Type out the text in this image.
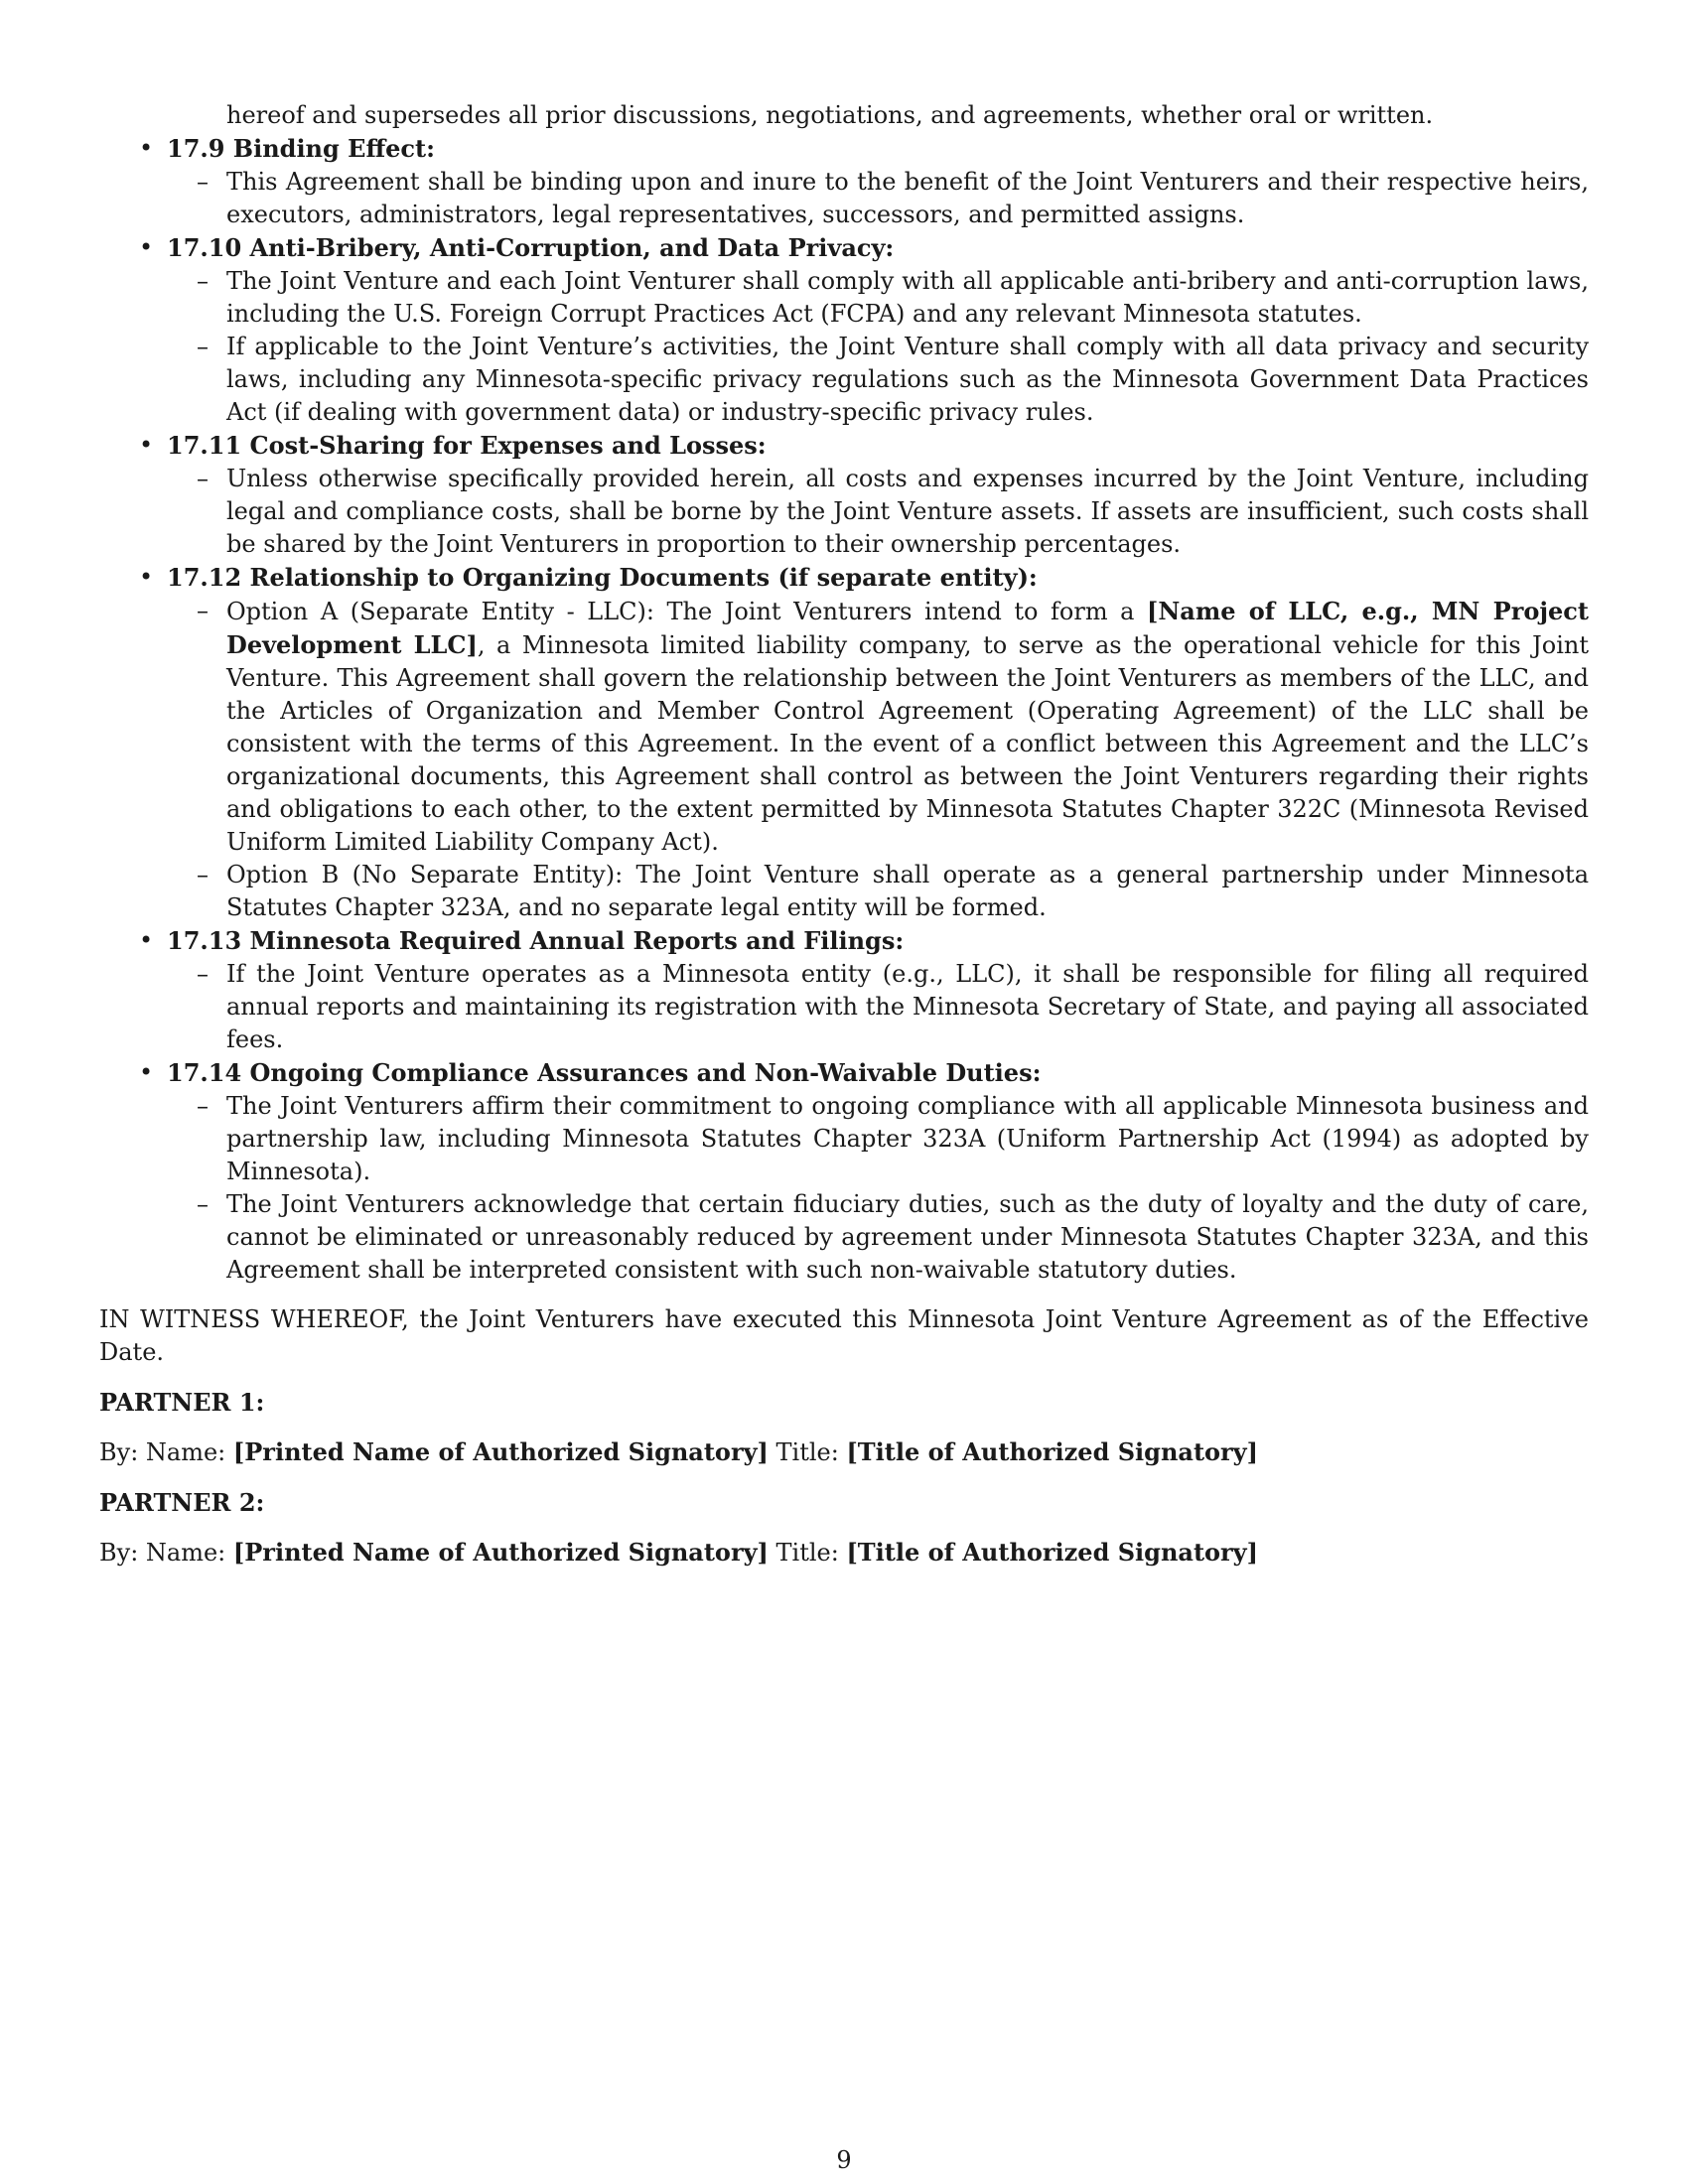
hereof and supersedes all prior discussions, negotiations, and agreements, whether oral or written.
• 17.9 Binding Effect:
– This Agreement shall be binding upon and inure to the benefit of the Joint Venturers and their respective heirs, executors, administrators, legal representatives, successors, and permitted assigns.
• 17.10 Anti-Bribery, Anti-Corruption, and Data Privacy:
– The Joint Venture and each Joint Venturer shall comply with all applicable anti-bribery and anti-corruption laws, including the U.S. Foreign Corrupt Practices Act (FCPA) and any relevant Minnesota statutes.
– If applicable to the Joint Venture’s activities, the Joint Venture shall comply with all data privacy and security laws, including any Minnesota-specific privacy regulations such as the Minnesota Government Data Practices Act (if dealing with government data) or industry-specific privacy rules.
• 17.11 Cost-Sharing for Expenses and Losses:
– Unless otherwise specifically provided herein, all costs and expenses incurred by the Joint Venture, including legal and compliance costs, shall be borne by the Joint Venture assets. If assets are insufficient, such costs shall be shared by the Joint Venturers in proportion to their ownership percentages.
• 17.12 Relationship to Organizing Documents (if separate entity):
– Option A (Separate Entity - LLC): The Joint Venturers intend to form a [Name of LLC, e.g., MN Project Development LLC], a Minnesota limited liability company, to serve as the operational vehicle for this Joint Venture. This Agreement shall govern the relationship between the Joint Venturers as members of the LLC, and the Articles of Organization and Member Control Agreement (Operating Agreement) of the LLC shall be consistent with the terms of this Agreement. In the event of a conflict between this Agreement and the LLC’s organizational documents, this Agreement shall control as between the Joint Venturers regarding their rights and obligations to each other, to the extent permitted by Minnesota Statutes Chapter 322C (Minnesota Revised Uniform Limited Liability Company Act).
– Option B (No Separate Entity): The Joint Venture shall operate as a general partnership under Minnesota Statutes Chapter 323A, and no separate legal entity will be formed.
• 17.13 Minnesota Required Annual Reports and Filings:
– If the Joint Venture operates as a Minnesota entity (e.g., LLC), it shall be responsible for filing all required annual reports and maintaining its registration with the Minnesota Secretary of State, and paying all associated fees.
• 17.14 Ongoing Compliance Assurances and Non-Waivable Duties:
– The Joint Venturers affirm their commitment to ongoing compliance with all applicable Minnesota business and partnership law, including Minnesota Statutes Chapter 323A (Uniform Partnership Act (1994) as adopted by Minnesota).
– The Joint Venturers acknowledge that certain fiduciary duties, such as the duty of loyalty and the duty of care, cannot be eliminated or unreasonably reduced by agreement under Minnesota Statutes Chapter 323A, and this Agreement shall be interpreted consistent with such non-waivable statutory duties.
IN WITNESS WHEREOF, the Joint Venturers have executed this Minnesota Joint Venture Agreement as of the Effective Date.
PARTNER 1:
By: Name: [Printed Name of Authorized Signatory] Title: [Title of Authorized Signatory]
PARTNER 2:
By: Name: [Printed Name of Authorized Signatory] Title: [Title of Authorized Signatory]
9
